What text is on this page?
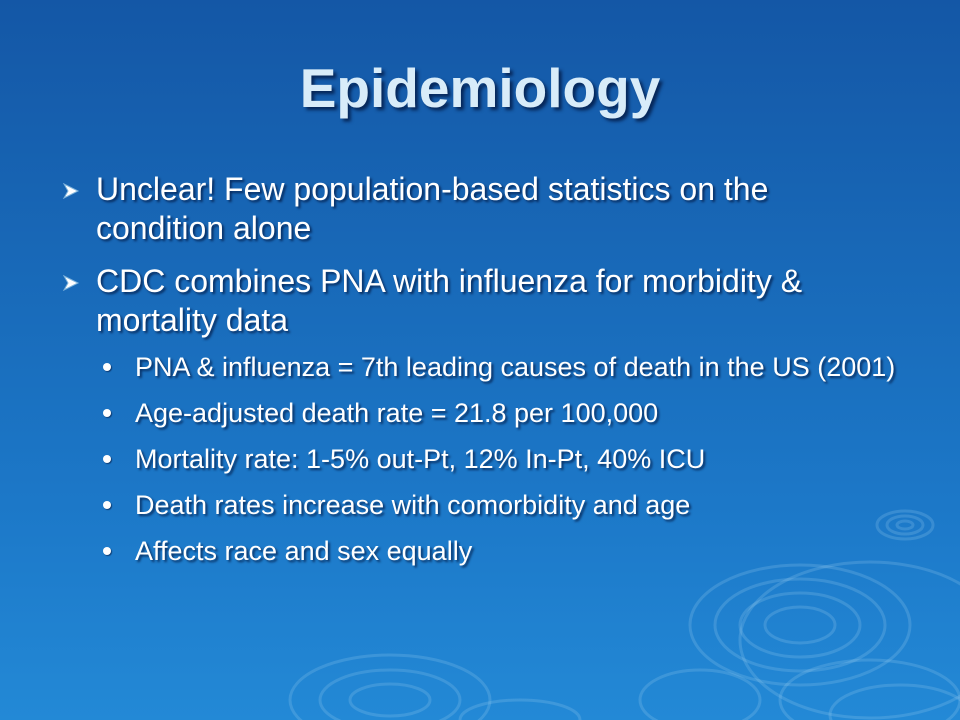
Epidemiology
Unclear! Few population-based statistics on the condition alone
CDC combines PNA with influenza for morbidity & mortality data
PNA & influenza = 7th leading causes of death in the US (2001)
Age-adjusted death rate = 21.8 per 100,000
Mortality rate: 1-5% out-Pt, 12% In-Pt, 40% ICU
Death rates increase with comorbidity and age
Affects race and sex equally
